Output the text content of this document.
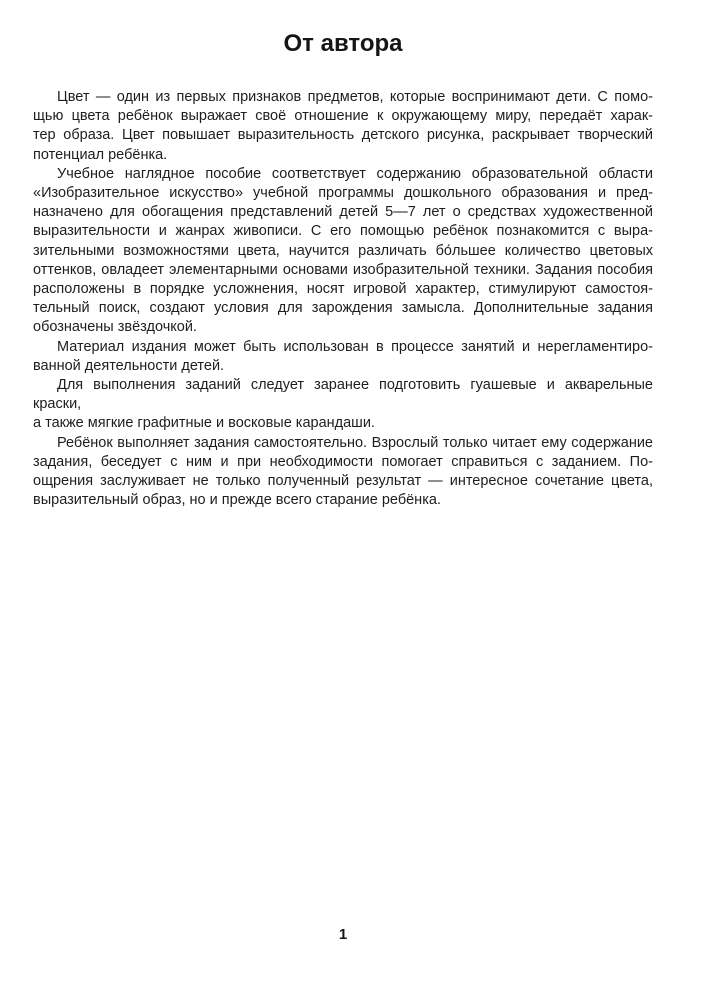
От автора
Цвет — один из первых признаков предметов, которые воспринимают дети. С помо-
щью цвета ребёнок выражает своё отношение к окружающему миру, передаёт харак-
тер образа. Цвет повышает выразительность детского рисунка, раскрывает творческий
потенциал ребёнка.
Учебное наглядное пособие соответствует содержанию образовательной области
«Изобразительное искусство» учебной программы дошкольного образования и пред-
назначено для обогащения представлений детей 5—7 лет о средствах художественной
выразительности и жанрах живописи. С его помощью ребёнок познакомится с выра-
зительными возможностями цвета, научится различать бо́льшее количество цветовых
оттенков, овладеет элементарными основами изобразительной техники. Задания пособия
расположены в порядке усложнения, носят игровой характер, стимулируют самостоя-
тельный поиск, создают условия для зарождения замысла. Дополнительные задания
обозначены звёздочкой.
Материал издания может быть использован в процессе занятий и нерегламентиро-
ванной деятельности детей.
Для выполнения заданий следует заранее подготовить гуашевые и акварельные краски,
а также мягкие графитные и восковые карандаши.
Ребёнок выполняет задания самостоятельно. Взрослый только читает ему содержание
задания, беседует с ним и при необходимости помогает справиться с заданием. По-
ощрения заслуживает не только полученный результат — интересное сочетание цвета,
выразительный образ, но и прежде всего старание ребёнка.
1
